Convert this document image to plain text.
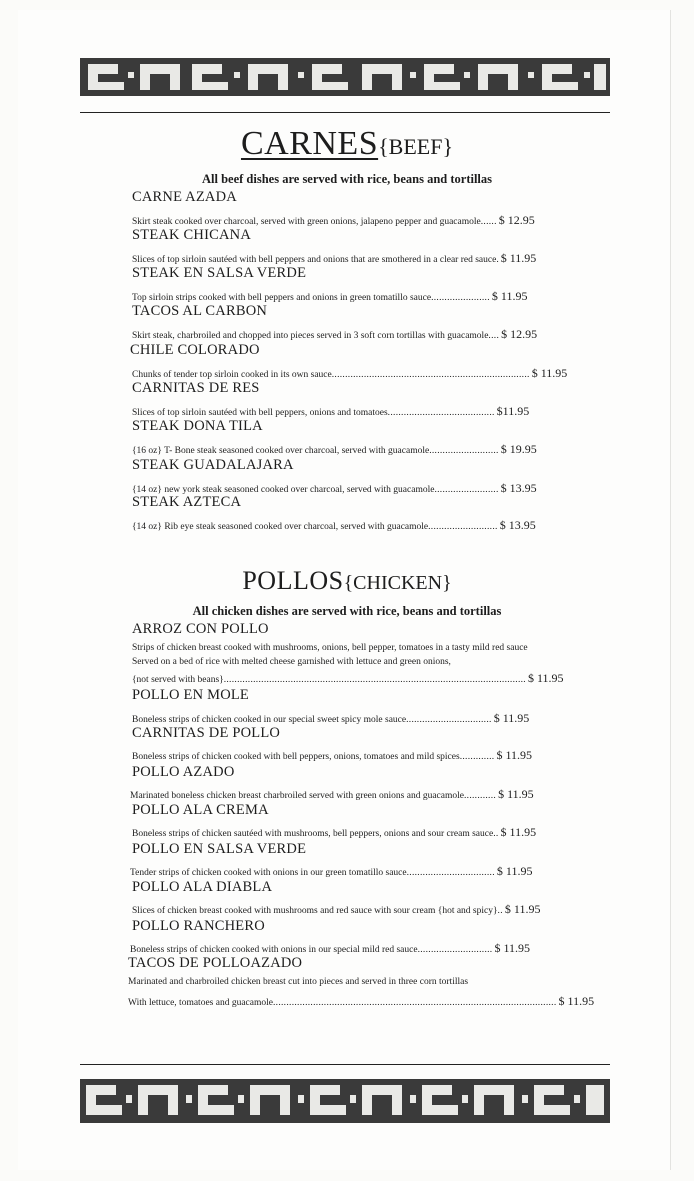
CARNES{BEEF}
All beef dishes are served with rice, beans and tortillas
CARNE AZADA
Skirt steak cooked over charcoal, served with green onions, jalapeno pepper and guacamole...... $ 12.95
STEAK CHICANA
Slices of top sirloin sautéed with bell peppers and onions that are smothered in a clear red sauce. $ 11.95
STEAK EN SALSA VERDE
Top sirloin strips cooked with bell peppers and onions in green tomatillo sauce...................... $ 11.95
TACOS AL CARBON
Skirt steak, charbroiled and chopped into pieces served in 3 soft corn tortillas with guacamole.... $ 12.95
CHILE COLORADO
Chunks of tender top sirloin cooked in its own sauce.......................................................................... $ 11.95
CARNITAS DE RES
Slices of top sirloin sautéed with bell peppers, onions and tomatoes........................................ $11.95
STEAK DONA TILA
{16 oz} T- Bone steak seasoned cooked over charcoal, served with guacamole.......................... $ 19.95
STEAK GUADALAJARA
{14 oz} new york steak seasoned cooked over charcoal, served with guacamole........................ $ 13.95
STEAK AZTECA
{14 oz} Rib eye steak seasoned cooked over charcoal, served with guacamole.......................... $ 13.95
POLLOS{CHICKEN}
All chicken dishes are served with rice, beans and tortillas
ARROZ CON POLLO
Strips of chicken breast cooked with mushrooms, onions, bell pepper, tomatoes in a tasty mild red sauce
Served on a bed of rice with melted cheese garnished with lettuce and green onions,
{not served with beans}................................................................................................................. $ 11.95
POLLO EN MOLE
Boneless strips of chicken cooked in our special sweet spicy mole sauce................................ $ 11.95
CARNITAS DE POLLO
Boneless strips of chicken cooked with bell peppers, onions, tomatoes and mild spices............. $ 11.95
POLLO AZADO
Marinated boneless chicken breast charbroiled served with green onions and guacamole............ $ 11.95
POLLO ALA CREMA
Boneless strips of chicken sautéed with mushrooms, bell peppers, onions and sour cream sauce.. $ 11.95
POLLO EN SALSA VERDE
Tender strips of chicken cooked with onions in our green tomatillo sauce................................. $ 11.95
POLLO ALA DIABLA
Slices of chicken breast cooked with mushrooms and red sauce with sour cream {hot and spicy}.. $ 11.95
POLLO RANCHERO
Boneless strips of chicken cooked with onions in our special mild red sauce............................ $ 11.95
TACOS DE POLLOAZADO
Marinated and charbroiled chicken breast cut into pieces and served in three corn tortillas
With lettuce, tomatoes and guacamole.......................................................................................................... $ 11.95
